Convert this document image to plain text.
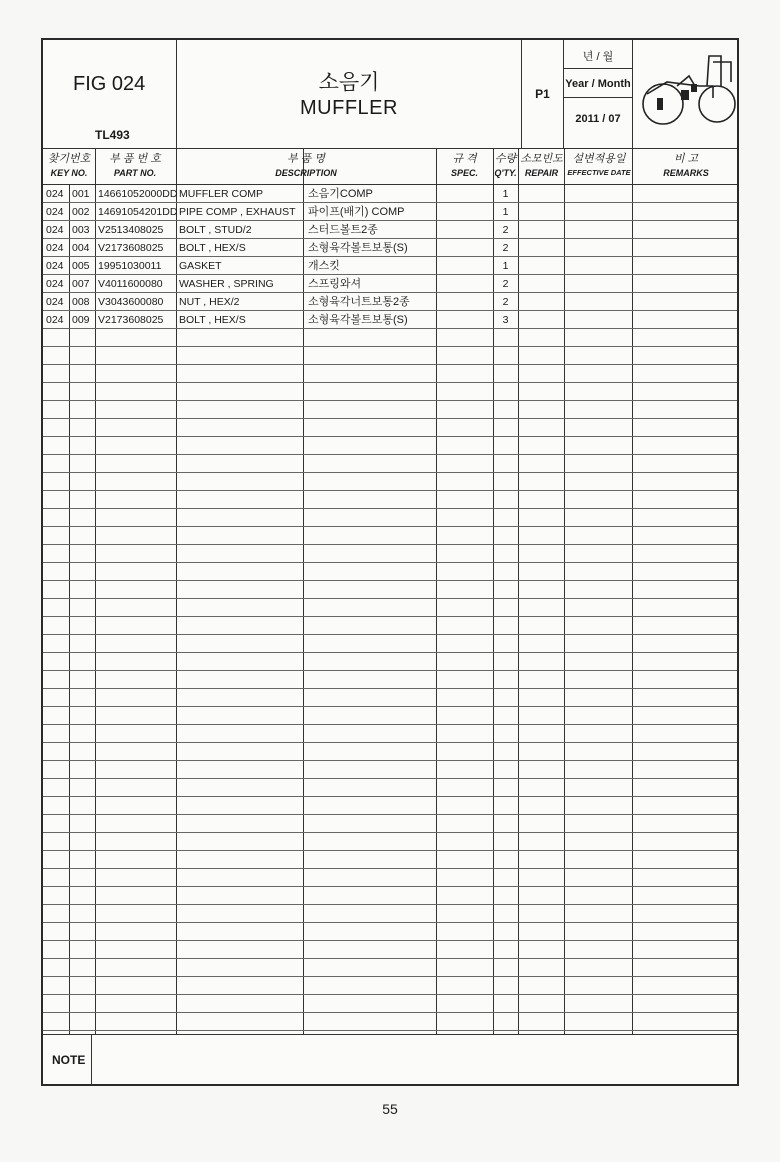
FIG 024
TL493
소음기
MUFFLER
P1
년 / 월
Year / Month
2011 / 07
찾기번호
KEY NO.
부 품 번 호
PART NO.
부 품 명
DESCRIPTION
규 격
SPEC.
수량
Q'TY.
소모빈도
REPAIR
설변적용일
EFFECTIVE DATE
비 고
REMARKS
024 001 14661052000DD MUFFLER COMP	소음기COMP	1
024 002 14691054201DD PIPE COMP , EXHAUST 파이프(배기) COMP	1
024 003 V2513408025 BOLT , STUD/2	스터드볼트2종	2
024 004 V2173608025 BOLT , HEX/S	소형육각볼트보통(S)	2
024 005 19951030011 GASKET	개스킷	1
024 007 V4011600080 WASHER , SPRING	스프링와셔	2
024 008 V3043600080 NUT , HEX/2	소형육각너트보통2종	2
024 009 V2173608025 BOLT , HEX/S	소형육각볼트보통(S)	3
NOTE
55
